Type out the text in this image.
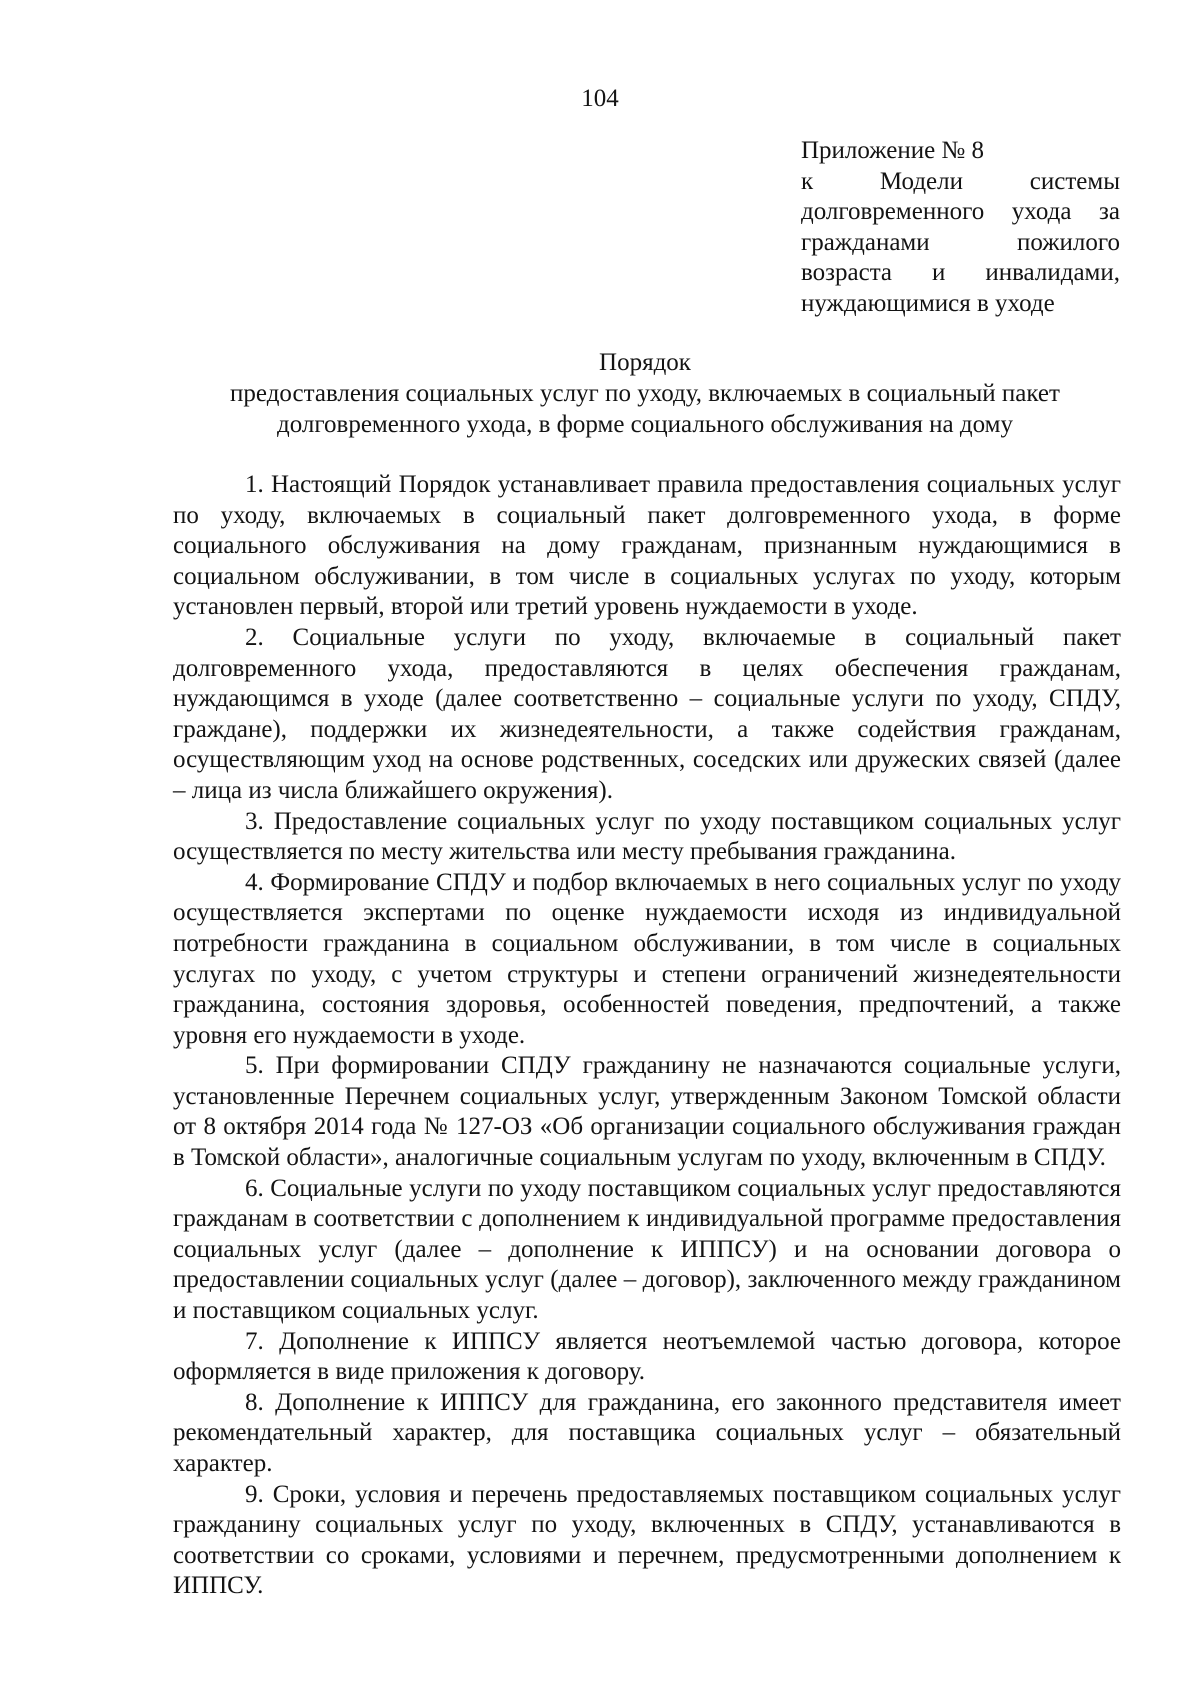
104
Приложение № 8
к Модели системы долговременного ухода за гражданами пожилого возраста и инвалидами, нуждающимися в уходе
Порядок
предоставления социальных услуг по уходу, включаемых в социальный пакет
долговременного ухода, в форме социального обслуживания на дому

1. Настоящий Порядок устанавливает правила предоставления социальных услуг по уходу, включаемых в социальный пакет долговременного ухода, в форме социального обслуживания на дому гражданам, признанным нуждающимися в социальном обслуживании, в том числе в социальных услугах по уходу, которым установлен первый, второй или третий уровень нуждаемости в уходе.

2. Социальные услуги по уходу, включаемые в социальный пакет долговременного ухода, предоставляются в целях обеспечения гражданам, нуждающимся в уходе (далее соответственно – социальные услуги по уходу, СПДУ, граждане), поддержки их жизнедеятельности, а также содействия гражданам, осуществляющим уход на основе родственных, соседских или дружеских связей (далее – лица из числа ближайшего окружения).

3. Предоставление социальных услуг по уходу поставщиком социальных услуг осуществляется по месту жительства или месту пребывания гражданина.

4. Формирование СПДУ и подбор включаемых в него социальных услуг по уходу осуществляется экспертами по оценке нуждаемости исходя из индивидуальной потребности гражданина в социальном обслуживании, в том числе в социальных услугах по уходу, с учетом структуры и степени ограничений жизнедеятельности гражданина, состояния здоровья, особенностей поведения, предпочтений, а также уровня его нуждаемости в уходе.

5. При формировании СПДУ гражданину не назначаются социальные услуги, установленные Перечнем социальных услуг, утвержденным Законом Томской области от 8 октября 2014 года № 127-ОЗ «Об организации социального обслуживания граждан в Томской области», аналогичные социальным услугам по уходу, включенным в СПДУ.

6. Социальные услуги по уходу поставщиком социальных услуг предоставляются гражданам в соответствии с дополнением к индивидуальной программе предоставления социальных услуг (далее – дополнение к ИППСУ) и на основании договора о предоставлении социальных услуг (далее – договор), заключенного между гражданином и поставщиком социальных услуг.

7. Дополнение к ИППСУ является неотъемлемой частью договора, которое оформляется в виде приложения к договору.

8. Дополнение к ИППСУ для гражданина, его законного представителя имеет рекомендательный характер, для поставщика социальных услуг – обязательный характер.

9. Сроки, условия и перечень предоставляемых поставщиком социальных услуг гражданину социальных услуг по уходу, включенных в СПДУ, устанавливаются в соответствии со сроками, условиями и перечнем, предусмотренными дополнением к ИППСУ.
